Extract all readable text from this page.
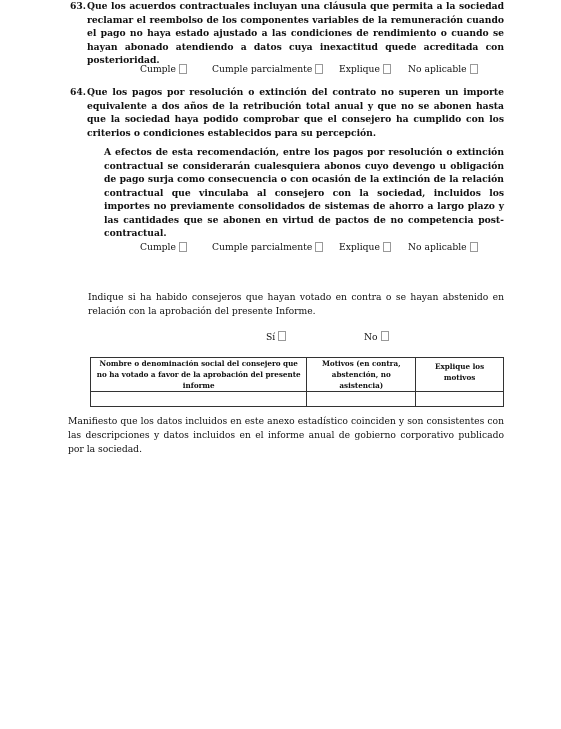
63. Que los acuerdos contractuales incluyan una cláusula que permita a la sociedad reclamar el reembolso de los componentes variables de la remuneración cuando el pago no haya estado ajustado a las condiciones de rendimiento o cuando se hayan abonado atendiendo a datos cuya inexactitud quede acreditada con posterioridad.

Cumple	Cumple parcialmente	Explique	No aplicable
64. Que los pagos por resolución o extinción del contrato no superen un importe equivalente a dos años de la retribución total anual y que no se abonen hasta que la sociedad haya podido comprobar que el consejero ha cumplido con los criterios o condiciones establecidos para su percepción.

A efectos de esta recomendación, entre los pagos por resolución o extinción contractual se considerarán cualesquiera abonos cuyo devengo u obligación de pago surja como consecuencia o con ocasión de la extinción de la relación contractual que vinculaba al consejero con la sociedad, incluidos los importes no previamente consolidados de sistemas de ahorro a largo plazo y las cantidades que se abonen en virtud de pactos de no competencia post-contractual.

Cumple	Cumple parcialmente	Explique	No aplicable

Indique si ha habido consejeros que hayan votado en contra o se hayan abstenido en relación con la aprobación del presente Informe.

Sí	No
Nombre o denominación social del consejero que no ha votado a favor de la aprobación del presente informe	Motivos (en contra, abstención, no asistencia)	Explique los motivos

Manifiesto que los datos incluidos en este anexo estadístico coinciden y son consistentes con las descripciones y datos incluidos en el informe anual de gobierno corporativo publicado por la sociedad.
